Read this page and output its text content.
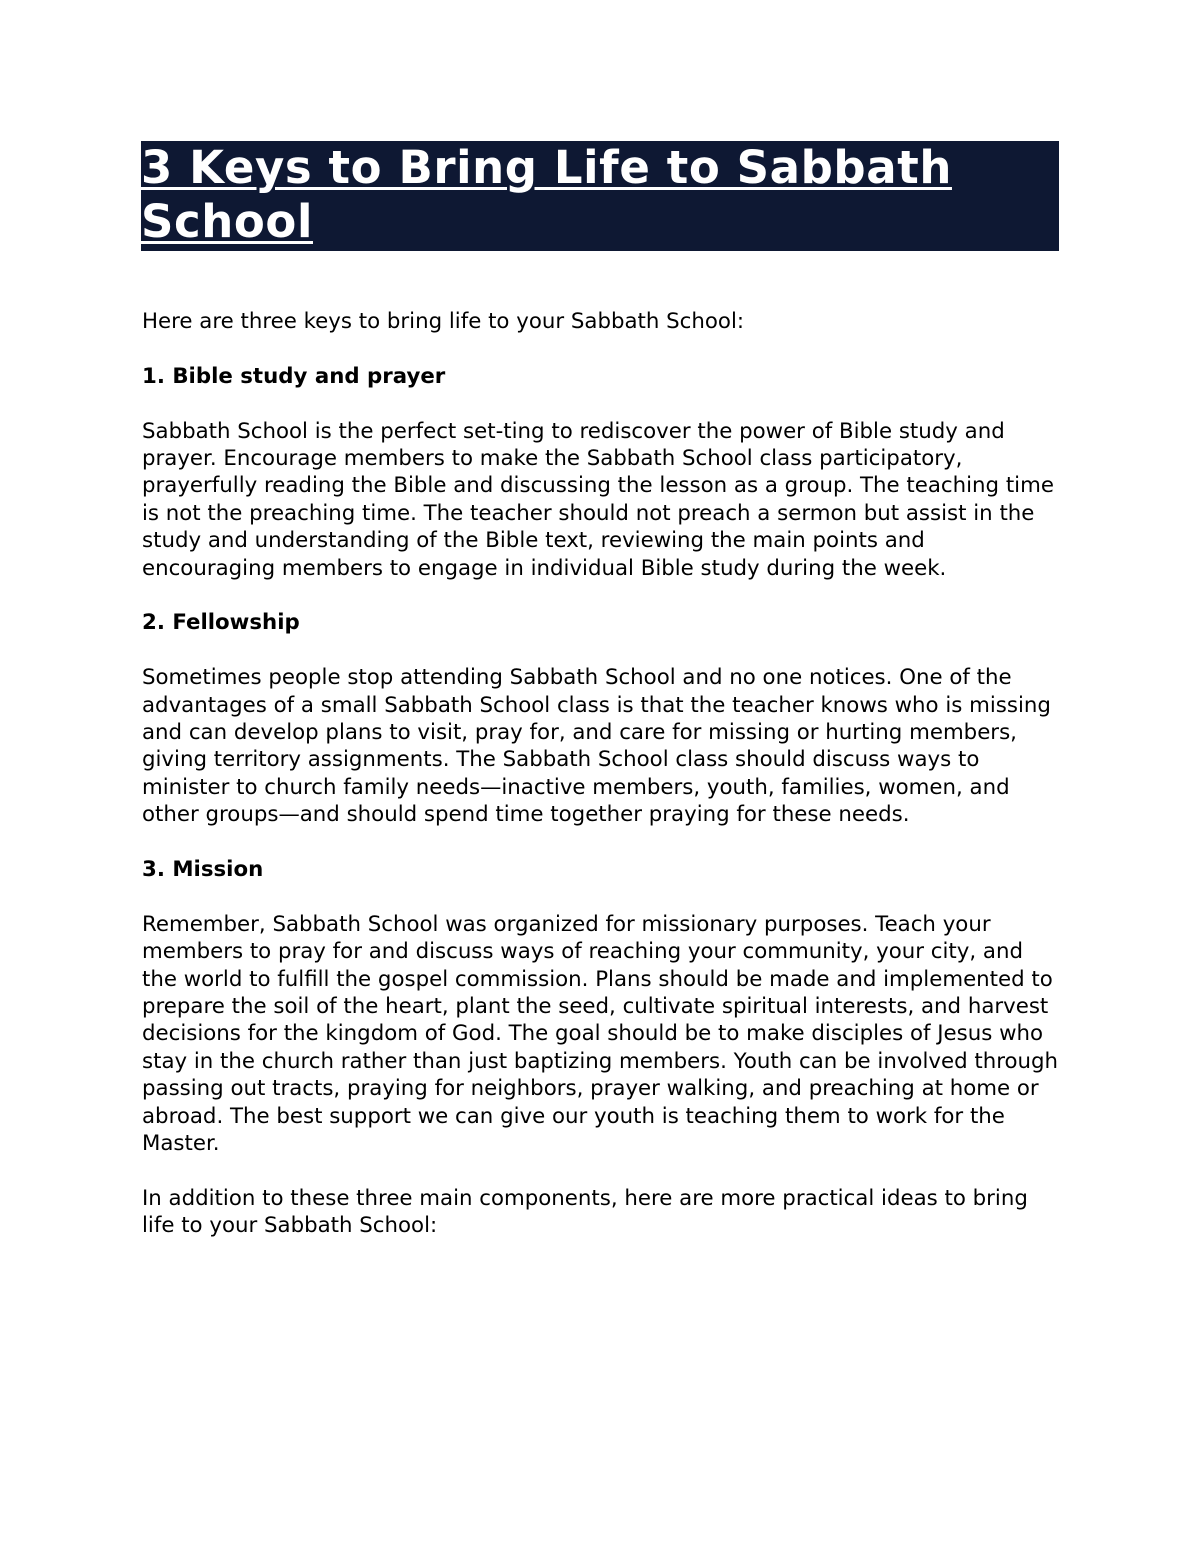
3 Keys to Bring Life to Sabbath School

Here are three keys to bring life to your Sabbath School:

1. Bible study and prayer

Sabbath School is the perfect set-ting to rediscover the power of Bible study and prayer. Encourage members to make the Sabbath School class participatory, prayerfully reading the Bible and discussing the lesson as a group. The teaching time is not the preaching time. The teacher should not preach a sermon but assist in the study and understanding of the Bible text, reviewing the main points and encouraging members to engage in individual Bible study during the week.

2. Fellowship

Sometimes people stop attending Sabbath School and no one notices. One of the advantages of a small Sabbath School class is that the teacher knows who is missing and can develop plans to visit, pray for, and care for missing or hurting members, giving territory assignments. The Sabbath School class should discuss ways to minister to church family needs—inactive members, youth, families, women, and other groups—and should spend time together praying for these needs.

3. Mission

Remember, Sabbath School was organized for missionary purposes. Teach your members to pray for and discuss ways of reaching your community, your city, and the world to fulfill the gospel commission. Plans should be made and implemented to prepare the soil of the heart, plant the seed, cultivate spiritual interests, and harvest decisions for the kingdom of God. The goal should be to make disciples of Jesus who stay in the church rather than just baptizing members. Youth can be involved through passing out tracts, praying for neighbors, prayer walking, and preaching at home or abroad. The best support we can give our youth is teaching them to work for the Master.

In addition to these three main components, here are more practical ideas to bring life to your Sabbath School:
